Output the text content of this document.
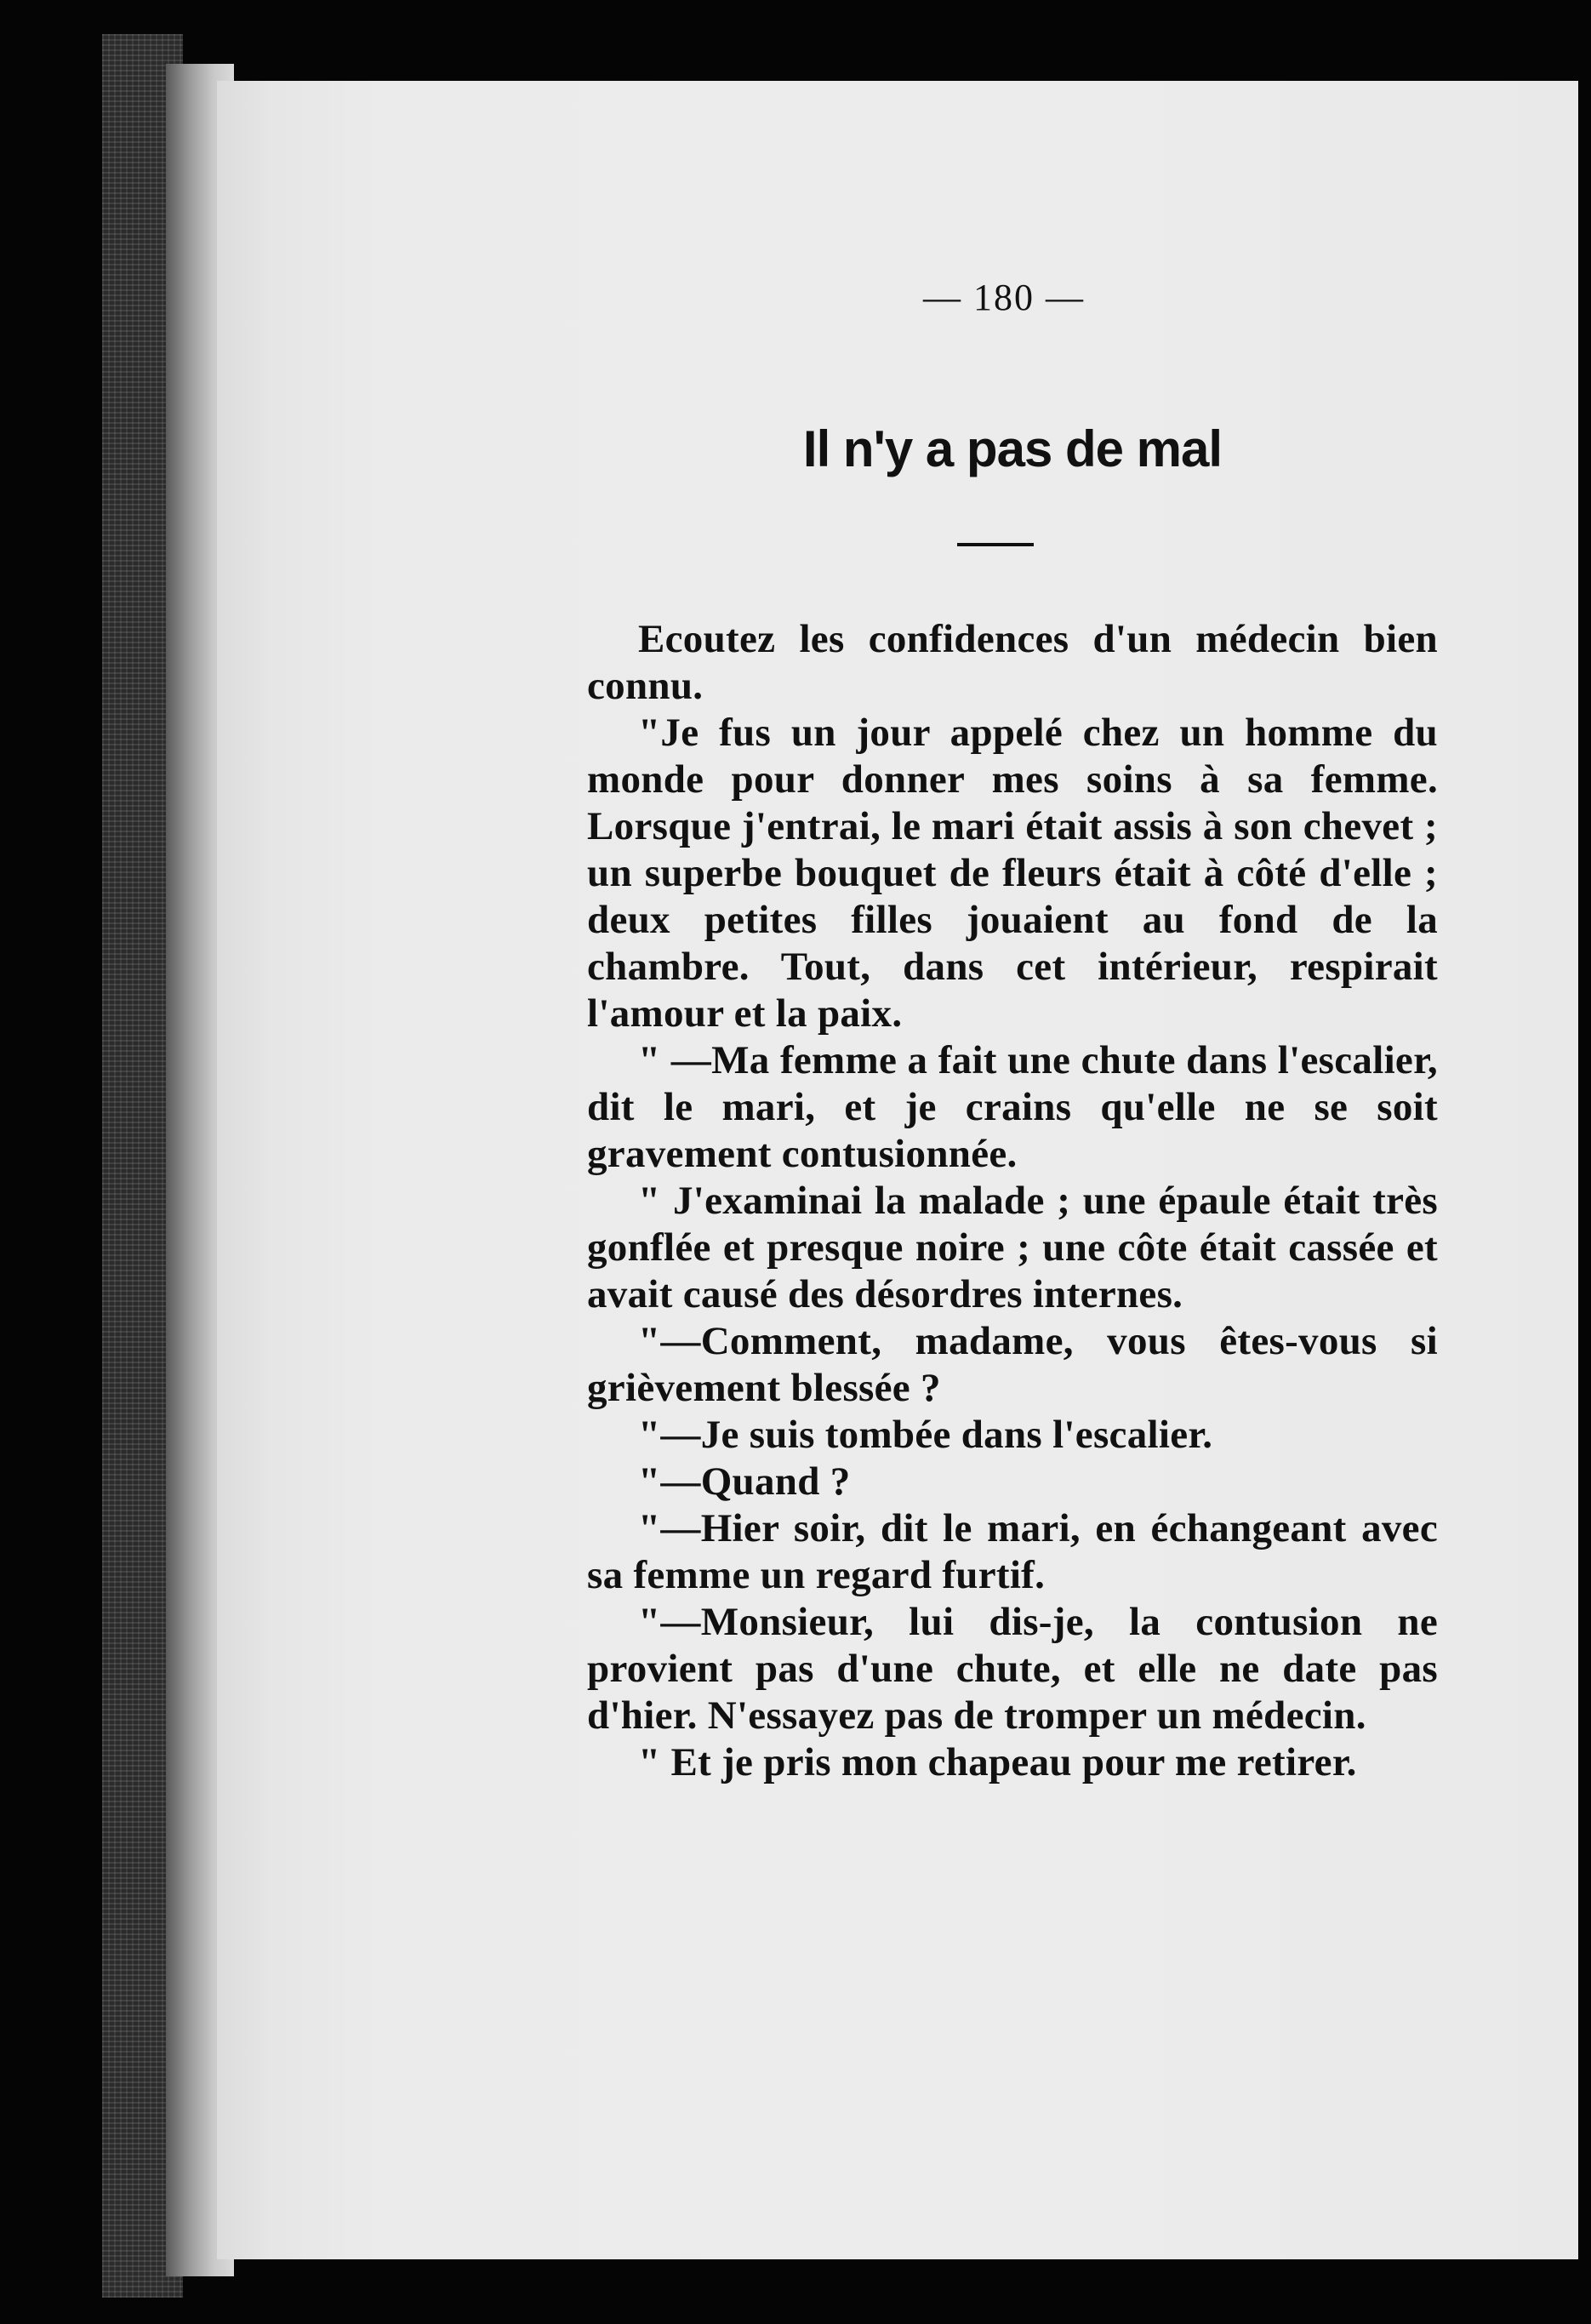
— 180 —
Il n'y a pas de mal

Ecoutez les confidences d'un médecin bien connu.

"Je fus un jour appelé chez un homme du monde pour donner mes soins à sa femme. Lorsque j'entrai, le mari était assis à son chevet ; un superbe bouquet de fleurs était à côté d'elle ; deux petites filles jouaient au fond de la chambre. Tout, dans cet intérieur, respirait l'amour et la paix.

" —Ma femme a fait une chute dans l'escalier, dit le mari, et je crains qu'elle ne se soit gravement contusionnée.

" J'examinai la malade ; une épaule était très gonflée et presque noire ; une côte était cassée et avait causé des désordres internes.

"—Comment, madame, vous êtes-vous si grièvement blessée ?

"—Je suis tombée dans l'escalier.

"—Quand ?

"—Hier soir, dit le mari, en échangeant avec sa femme un regard furtif.

"—Monsieur, lui dis-je, la contusion ne provient pas d'une chute, et elle ne date pas d'hier. N'essayez pas de tromper un médecin.

" Et je pris mon chapeau pour me retirer.
